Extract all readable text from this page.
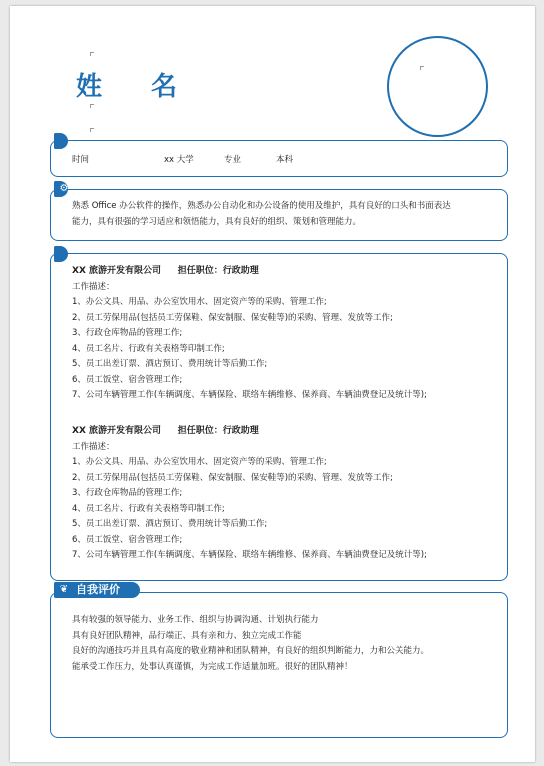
姓 名
时间	xx 大学	专业	本科
⚙
熟悉 Office 办公软件的操作，熟悉办公自动化和办公设备的使用及维护，具有良好的口头和书面表达
能力，具有很强的学习适应和领悟能力，具有良好的组织、策划和管理能力。
XX 旅游开发有限公司 担任职位：行政助理
工作描述：
1、办公文具、用品、办公室饮用水、固定资产等的采购、管理工作;
2、员工劳保用品(包括员工劳保鞋、保安制服、保安鞋等)的采购、管理、发放等工作;
3、行政仓库物品的管理工作;
4、员工名片、行政有关表格等印制工作;
5、员工出差订票、酒店预订、费用统计等后勤工作;
6、员工饭堂、宿舍管理工作;
7、公司车辆管理工作(车辆调度、车辆保险、联络车辆维修、保养商、车辆油费登记及统计等);
XX 旅游开发有限公司 担任职位：行政助理
工作描述：
1、办公文具、用品、办公室饮用水、固定资产等的采购、管理工作;
2、员工劳保用品(包括员工劳保鞋、保安制服、保安鞋等)的采购、管理、发放等工作;
3、行政仓库物品的管理工作;
4、员工名片、行政有关表格等印制工作;
5、员工出差订票、酒店预订、费用统计等后勤工作;
6、员工饭堂、宿舍管理工作;
7、公司车辆管理工作(车辆调度、车辆保险、联络车辆维修、保养商、车辆油费登记及统计等);
❦ 自我评价
具有较强的领导能力、业务工作、组织与协调沟通、计划执行能力
具有良好团队精神，品行端正、具有亲和力、独立完成工作能
良好的沟通技巧并且具有高度的敬业精神和团队精神，有良好的组织判断能力，力和公关能力。
能承受工作压力，处事认真谨慎，为完成工作适量加班。很好的团队精神！
